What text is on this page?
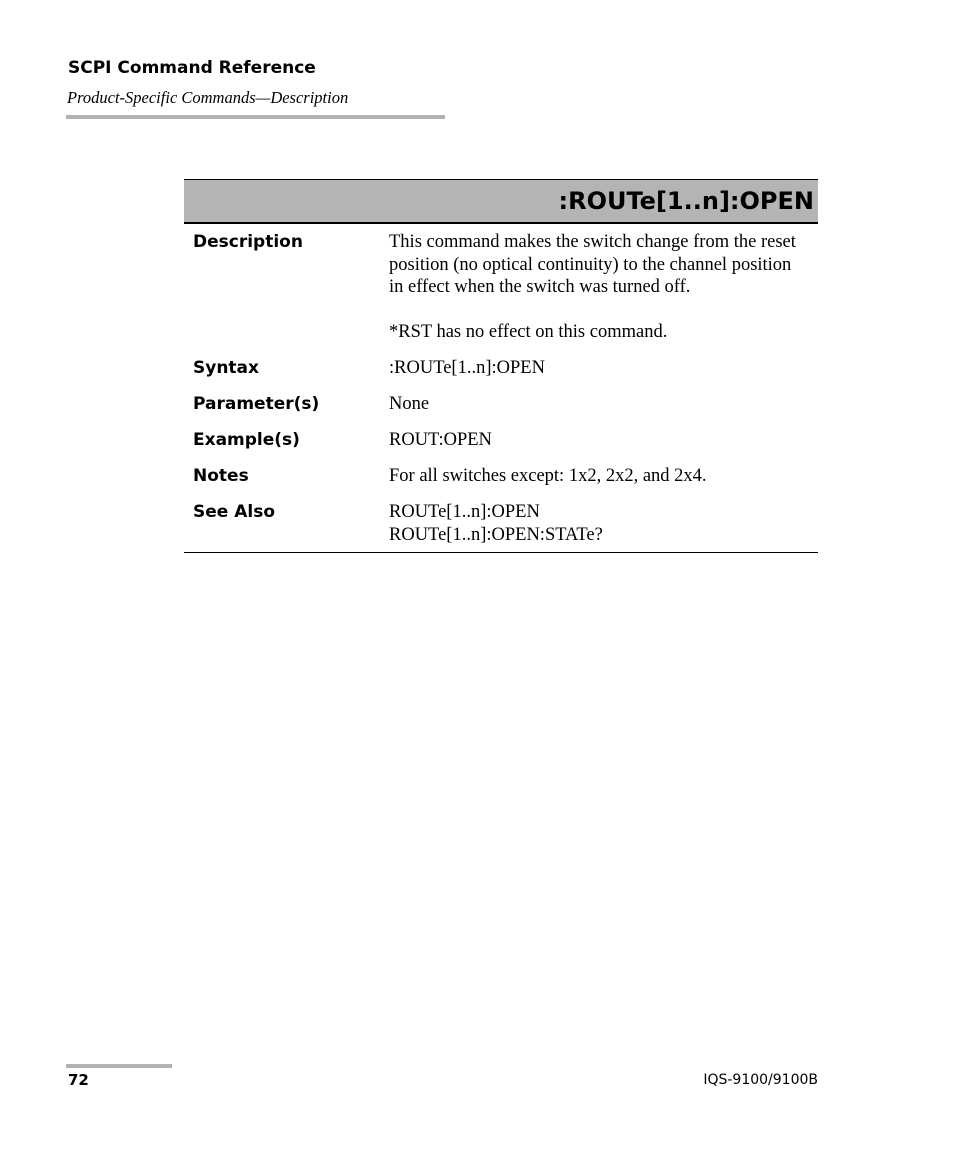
SCPI Command Reference
Product-Specific Commands—Description
:ROUTe[1..n]:OPEN
Description	This command makes the switch change from the reset position (no optical continuity) to the channel position in effect when the switch was turned off.
*RST has no effect on this command.
Syntax	:ROUTe[1..n]:OPEN
Parameter(s)	None
Example(s)	ROUT:OPEN
Notes	For all switches except: 1x2, 2x2, and 2x4.
See Also	ROUTe[1..n]:OPEN
ROUTe[1..n]:OPEN:STATe?
72	IQS-9100/9100B
